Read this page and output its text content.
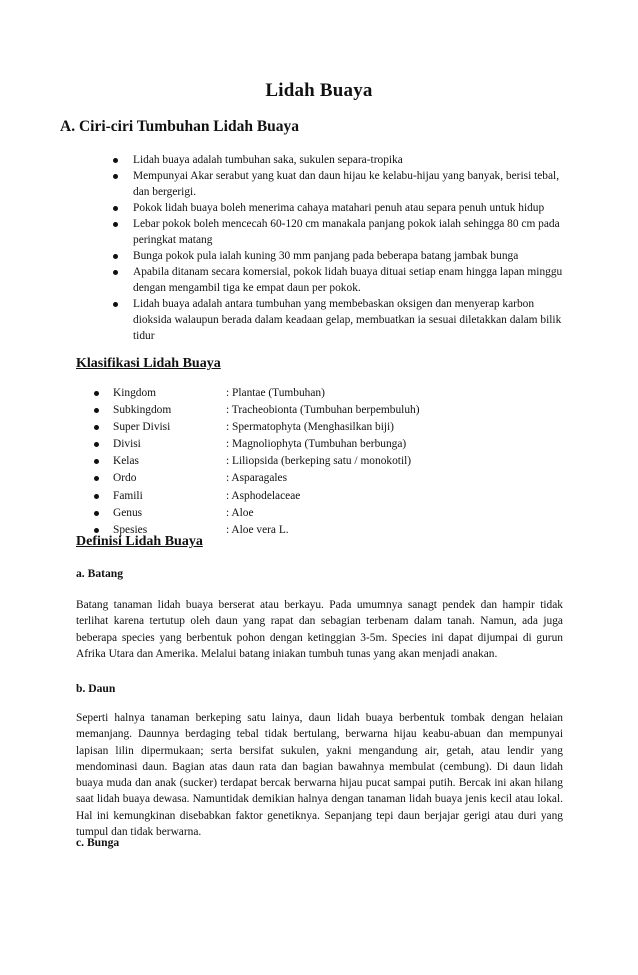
Lidah Buaya
A. Ciri-ciri Tumbuhan Lidah Buaya
Lidah buaya adalah tumbuhan saka, sukulen separa-tropika
Mempunyai Akar serabut yang kuat dan daun hijau ke kelabu-hijau yang banyak, berisi tebal, dan bergerigi.
Pokok lidah buaya boleh menerima cahaya matahari penuh atau separa penuh untuk hidup
Lebar pokok boleh mencecah 60-120 cm manakala panjang pokok ialah sehingga 80 cm pada peringkat matang
Bunga pokok pula ialah kuning 30 mm panjang pada beberapa batang jambak bunga
Apabila ditanam secara komersial, pokok lidah buaya dituai setiap enam hingga lapan minggu dengan mengambil tiga ke empat daun per pokok.
Lidah buaya adalah antara tumbuhan yang membebaskan oksigen dan menyerap karbon dioksida walaupun berada dalam keadaan gelap, membuatkan ia sesuai diletakkan dalam bilik tidur
Klasifikasi Lidah Buaya
Kingdom	: Plantae (Tumbuhan)
Subkingdom	: Tracheobionta (Tumbuhan berpembuluh)
Super Divisi	: Spermatophyta (Menghasilkan biji)
Divisi	: Magnoliophyta (Tumbuhan berbunga)
Kelas	: Liliopsida (berkeping satu / monokotil)
Ordo	: Asparagales
Famili	: Asphodelaceae
Genus	: Aloe
Spesies	: Aloe vera L.
Definisi Lidah Buaya
a. Batang

Batang tanaman lidah buaya berserat atau berkayu. Pada umumnya sanagt pendek dan hampir tidak terlihat karena tertutup oleh daun yang rapat dan sebagian terbenam dalam tanah. Namun, ada juga beberapa species yang berbentuk pohon dengan ketinggian 3-5m. Species ini dapat dijumpai di gurun Afrika Utara dan Amerika. Melalui batang iniakan tumbuh tunas yang akan menjadi anakan.

b. Daun

Seperti halnya tanaman berkeping satu lainya, daun lidah buaya berbentuk tombak dengan helaian memanjang. Daunnya berdaging tebal tidak bertulang, berwarna hijau keabu-abuan dan mempunyai lapisan lilin dipermukaan; serta bersifat sukulen, yakni mengandung air, getah, atau lendir yang mendominasi daun. Bagian atas daun rata dan bagian bawahnya membulat (cembung). Di daun lidah buaya muda dan anak (sucker) terdapat bercak berwarna hijau pucat sampai putih. Bercak ini akan hilang saat lidah buaya dewasa. Namuntidak demikian halnya dengan tanaman lidah buaya jenis kecil atau lokal. Hal ini kemungkinan disebabkan faktor genetiknya. Sepanjang tepi daun berjajar gerigi atau duri yang tumpul dan tidak berwarna.

c. Bunga
